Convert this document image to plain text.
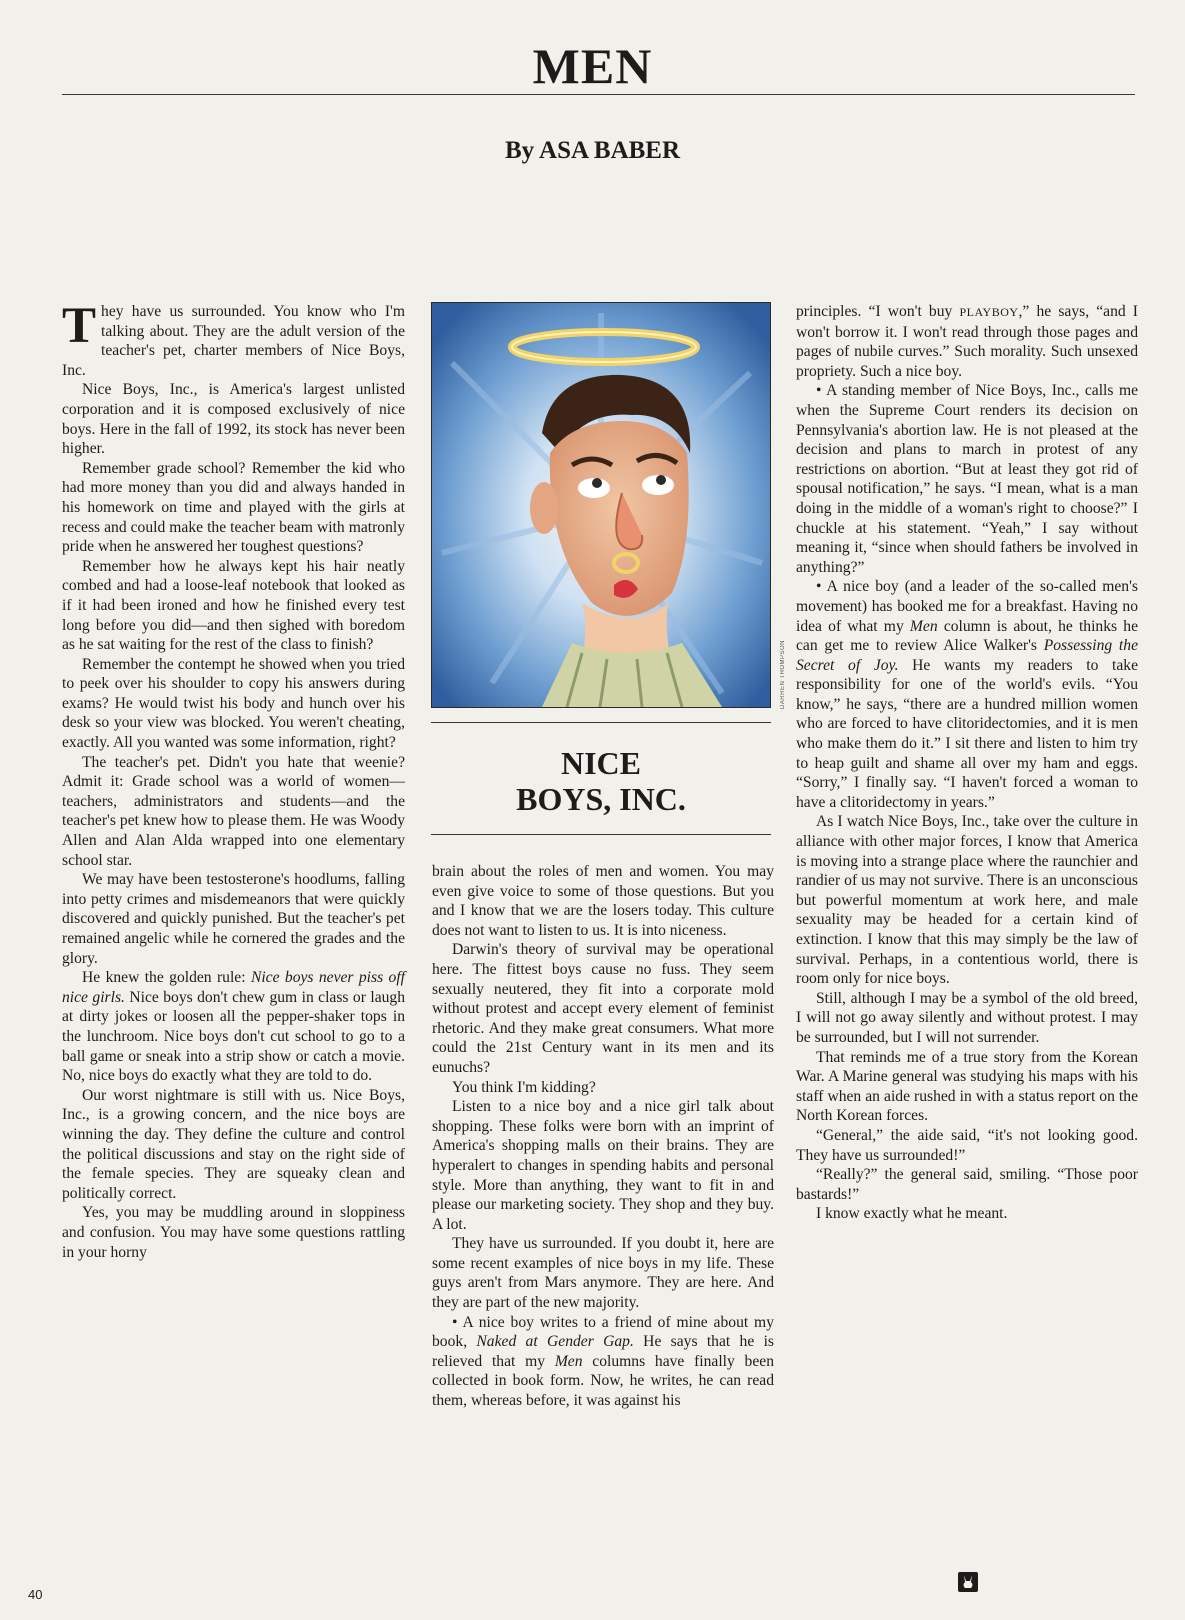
MEN
By ASA BABER

They have us surrounded. You know who I'm talking about. They are the adult version of the teacher's pet, charter members of Nice Boys, Inc.

Nice Boys, Inc., is America's largest unlisted corporation and it is composed exclusively of nice boys. Here in the fall of 1992, its stock has never been higher.

Remember grade school? Remember the kid who had more money than you did and always handed in his homework on time and played with the girls at recess and could make the teacher beam with matronly pride when he answered her toughest questions?

Remember how he always kept his hair neatly combed and had a loose-leaf notebook that looked as if it had been ironed and how he finished every test long before you did—and then sighed with boredom as he sat waiting for the rest of the class to finish?

Remember the contempt he showed when you tried to peek over his shoulder to copy his answers during exams? He would twist his body and hunch over his desk so your view was blocked. You weren't cheating, exactly. All you wanted was some information, right?

The teacher's pet. Didn't you hate that weenie? Admit it: Grade school was a world of women—teachers, administrators and students—and the teacher's pet knew how to please them. He was Woody Allen and Alan Alda wrapped into one elementary school star.

We may have been testosterone's hoodlums, falling into petty crimes and misdemeanors that were quickly discovered and quickly punished. But the teacher's pet remained angelic while he cornered the grades and the glory.

He knew the golden rule: Nice boys never piss off nice girls. Nice boys don't chew gum in class or laugh at dirty jokes or loosen all the pepper-shaker tops in the lunchroom. Nice boys don't cut school to go to a ball game or sneak into a strip show or catch a movie. No, nice boys do exactly what they are told to do.

Our worst nightmare is still with us. Nice Boys, Inc., is a growing concern, and the nice boys are winning the day. They define the culture and control the political discussions and stay on the right side of the female species. They are squeaky clean and politically correct.

Yes, you may be muddling around in sloppiness and confusion. You may have some questions rattling in your horny

DARREN THOMPSON
NICE
BOYS, INC.

brain about the roles of men and women. You may even give voice to some of those questions. But you and I know that we are the losers today. This culture does not want to listen to us. It is into niceness.

Darwin's theory of survival may be operational here. The fittest boys cause no fuss. They seem sexually neutered, they fit into a corporate mold without protest and accept every element of feminist rhetoric. And they make great consumers. What more could the 21st Century want in its men and its eunuchs?

You think I'm kidding?

Listen to a nice boy and a nice girl talk about shopping. These folks were born with an imprint of America's shopping malls on their brains. They are hyperalert to changes in spending habits and personal style. More than anything, they want to fit in and please our marketing society. They shop and they buy. A lot.

They have us surrounded. If you doubt it, here are some recent examples of nice boys in my life. These guys aren't from Mars anymore. They are here. And they are part of the new majority.

• A nice boy writes to a friend of mine about my book, Naked at Gender Gap. He says that he is relieved that my Men columns have finally been collected in book form. Now, he writes, he can read them, whereas before, it was against his

principles. “I won't buy PLAYBOY,” he says, “and I won't borrow it. I won't read through those pages and pages of nubile curves.” Such morality. Such unsexed propriety. Such a nice boy.

• A standing member of Nice Boys, Inc., calls me when the Supreme Court renders its decision on Pennsylvania's abortion law. He is not pleased at the decision and plans to march in protest of any restrictions on abortion. “But at least they got rid of spousal notification,” he says. “I mean, what is a man doing in the middle of a woman's right to choose?” I chuckle at his statement. “Yeah,” I say without meaning it, “since when should fathers be involved in anything?”

• A nice boy (and a leader of the so-called men's movement) has booked me for a breakfast. Having no idea of what my Men column is about, he thinks he can get me to review Alice Walker's Possessing the Secret of Joy. He wants my readers to take responsibility for one of the world's evils. “You know,” he says, “there are a hundred million women who are forced to have clitoridectomies, and it is men who make them do it.” I sit there and listen to him try to heap guilt and shame all over my ham and eggs. “Sorry,” I finally say. “I haven't forced a woman to have a clitoridectomy in years.”

As I watch Nice Boys, Inc., take over the culture in alliance with other major forces, I know that America is moving into a strange place where the raunchier and randier of us may not survive. There is an unconscious but powerful momentum at work here, and male sexuality may be headed for a certain kind of extinction. I know that this may simply be the law of survival. Perhaps, in a contentious world, there is room only for nice boys.

Still, although I may be a symbol of the old breed, I will not go away silently and without protest. I may be surrounded, but I will not surrender.

That reminds me of a true story from the Korean War. A Marine general was studying his maps with his staff when an aide rushed in with a status report on the North Korean forces.

“General,” the aide said, “it's not looking good. They have us surrounded!”

“Really?” the general said, smiling. “Those poor bastards!”

I know exactly what he meant.

40
